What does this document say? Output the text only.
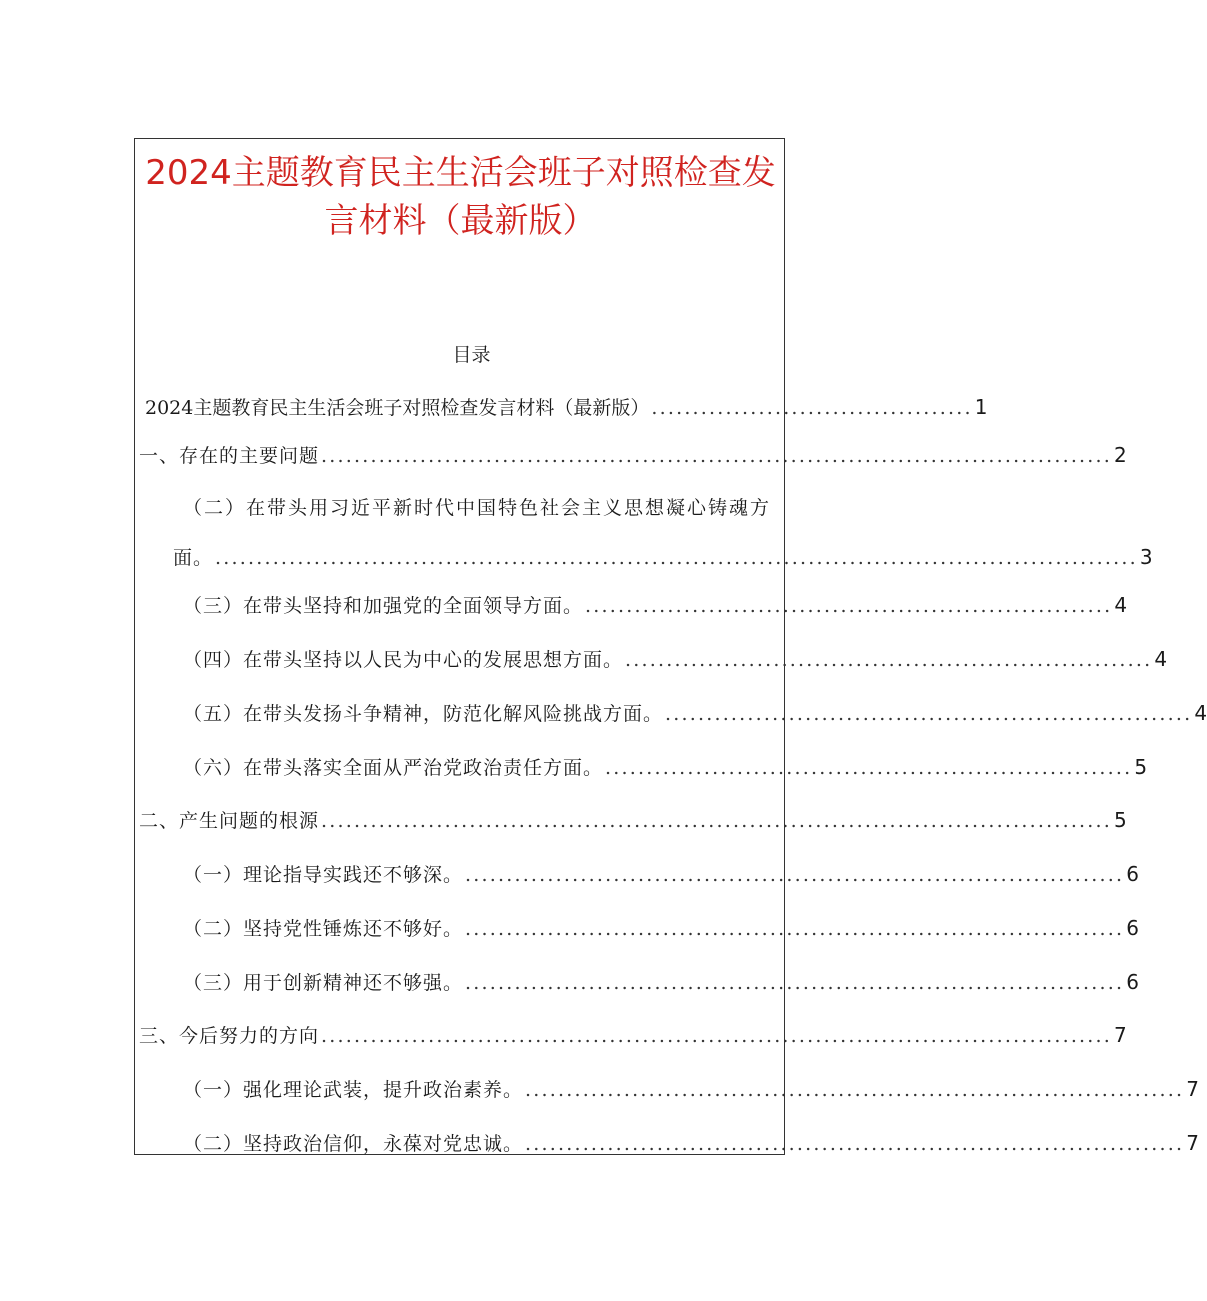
2024主题教育民主生活会班子对照检查发
言材料（最新版）
目录
2024主题教育民主生活会班子对照检查发言材料（最新版） ....................................... 1
一、存在的主要问题 ................................................................................................ 2
（二）在带头用习近平新时代中国特色社会主义思想凝心铸魂方
面。 ................................................................................................................ 3
（三）在带头坚持和加强党的全面领导方面。 ................................................................ 4
（四）在带头坚持以人民为中心的发展思想方面。 ................................................................ 4
（五）在带头发扬斗争精神，防范化解风险挑战方面。 ................................................................ 4
（六）在带头落实全面从严治党政治责任方面。 ................................................................ 5
二、产生问题的根源 ................................................................................................ 5
（一）理论指导实践还不够深。 ................................................................................ 6
（二）坚持党性锤炼还不够好。 ................................................................................ 6
（三）用于创新精神还不够强。 ................................................................................ 6
三、今后努力的方向 ................................................................................................ 7
（一）强化理论武装，提升政治素养。 ................................................................................ 7
（二）坚持政治信仰，永葆对党忠诚。 ................................................................................ 7
